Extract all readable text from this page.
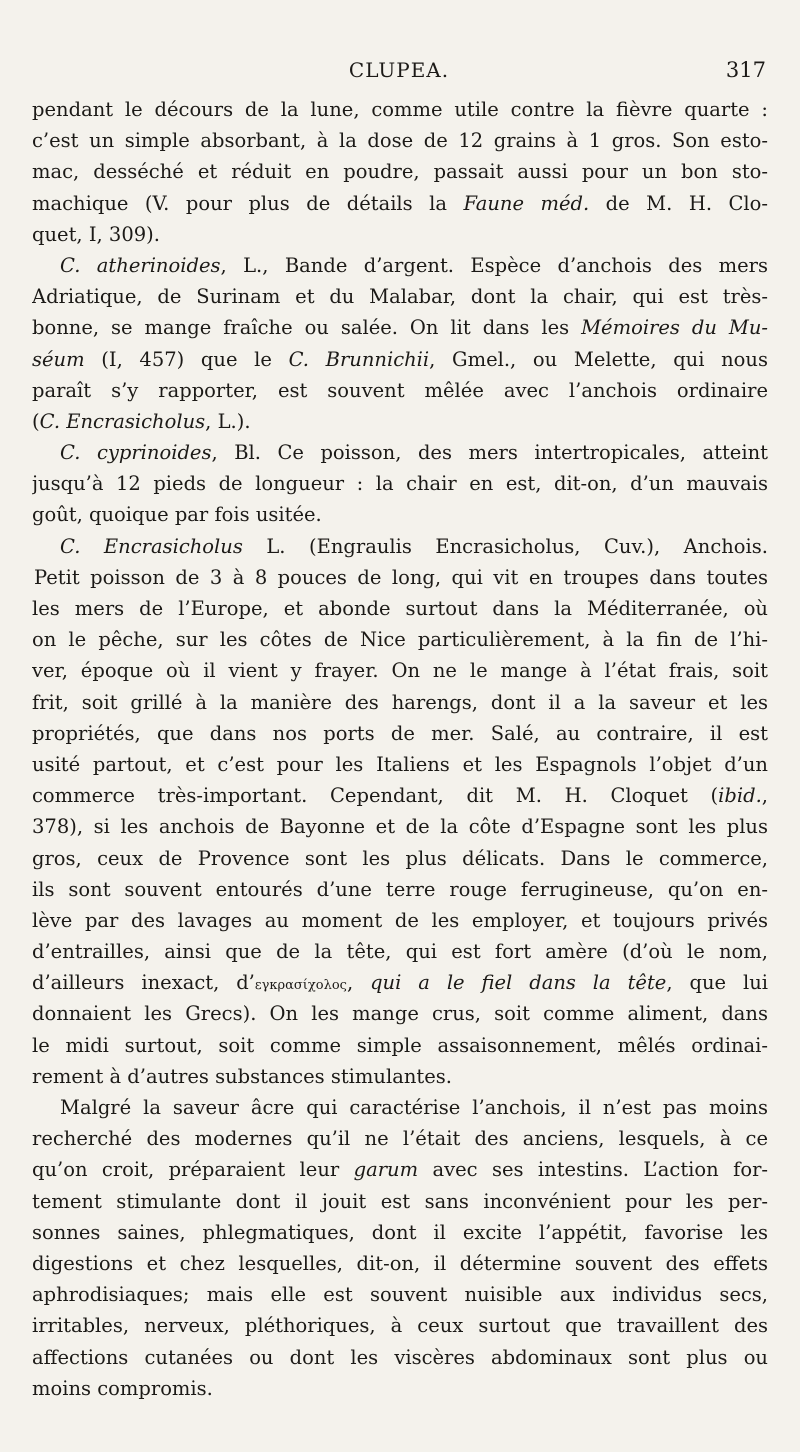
CLUPEA.	317
pendant le décours de la lune, comme utile contre la fièvre quarte :
c’est un simple absorbant, à la dose de 12 grains à 1 gros. Son esto-
mac, desséché et réduit en poudre, passait aussi pour un bon sto-
machique (V. pour plus de détails la Faune méd. de M. H. Clo-
quet, I, 309).
C. atherinoides, L., Bande d’argent. Espèce d’anchois des mers
Adriatique, de Surinam et du Malabar, dont la chair, qui est très-
bonne, se mange fraîche ou salée. On lit dans les Mémoires du Mu-
séum (I, 457) que le C. Brunnichii, Gmel., ou Melette, qui nous
paraît s’y rapporter, est souvent mêlée avec l’anchois ordinaire
(C. Encrasicholus, L.).
C. cyprinoides, Bl. Ce poisson, des mers intertropicales, atteint
jusqu’à 12 pieds de longueur : la chair en est, dit-on, d’un mauvais
goût, quoique par fois usitée.
C. Encrasicholus L. (Engraulis Encrasicholus, Cuv.), Anchois.
Petit poisson de 3 à 8 pouces de long, qui vit en troupes dans toutes
les mers de l’Europe, et abonde surtout dans la Méditerranée, où
on le pêche, sur les côtes de Nice particulièrement, à la fin de l’hi-
ver, époque où il vient y frayer. On ne le mange à l’état frais, soit
frit, soit grillé à la manière des harengs, dont il a la saveur et les
propriétés, que dans nos ports de mer. Salé, au contraire, il est
usité partout, et c’est pour les Italiens et les Espagnols l’objet d’un
commerce très-important. Cependant, dit M. H. Cloquet (ibid.,
378), si les anchois de Bayonne et de la côte d’Espagne sont les plus
gros, ceux de Provence sont les plus délicats. Dans le commerce,
ils sont souvent entourés d’une terre rouge ferrugineuse, qu’on en-
lève par des lavages au moment de les employer, et toujours privés
d’entrailles, ainsi que de la tête, qui est fort amère (d’où le nom,
d’ailleurs inexact, d’εγκρασίχολος, qui a le fiel dans la tête, que lui
donnaient les Grecs). On les mange crus, soit comme aliment, dans
le midi surtout, soit comme simple assaisonnement, mêlés ordinai-
rement à d’autres substances stimulantes.
Malgré la saveur âcre qui caractérise l’anchois, il n’est pas moins
recherché des modernes qu’il ne l’était des anciens, lesquels, à ce
qu’on croit, préparaient leur garum avec ses intestins. L’action for-
tement stimulante dont il jouit est sans inconvénient pour les per-
sonnes saines, phlegmatiques, dont il excite l’appétit, favorise les
digestions et chez lesquelles, dit-on, il détermine souvent des effets
aphrodisiaques; mais elle est souvent nuisible aux individus secs,
irritables, nerveux, pléthoriques, à ceux surtout que travaillent des
affections cutanées ou dont les viscères abdominaux sont plus ou
moins compromis.
